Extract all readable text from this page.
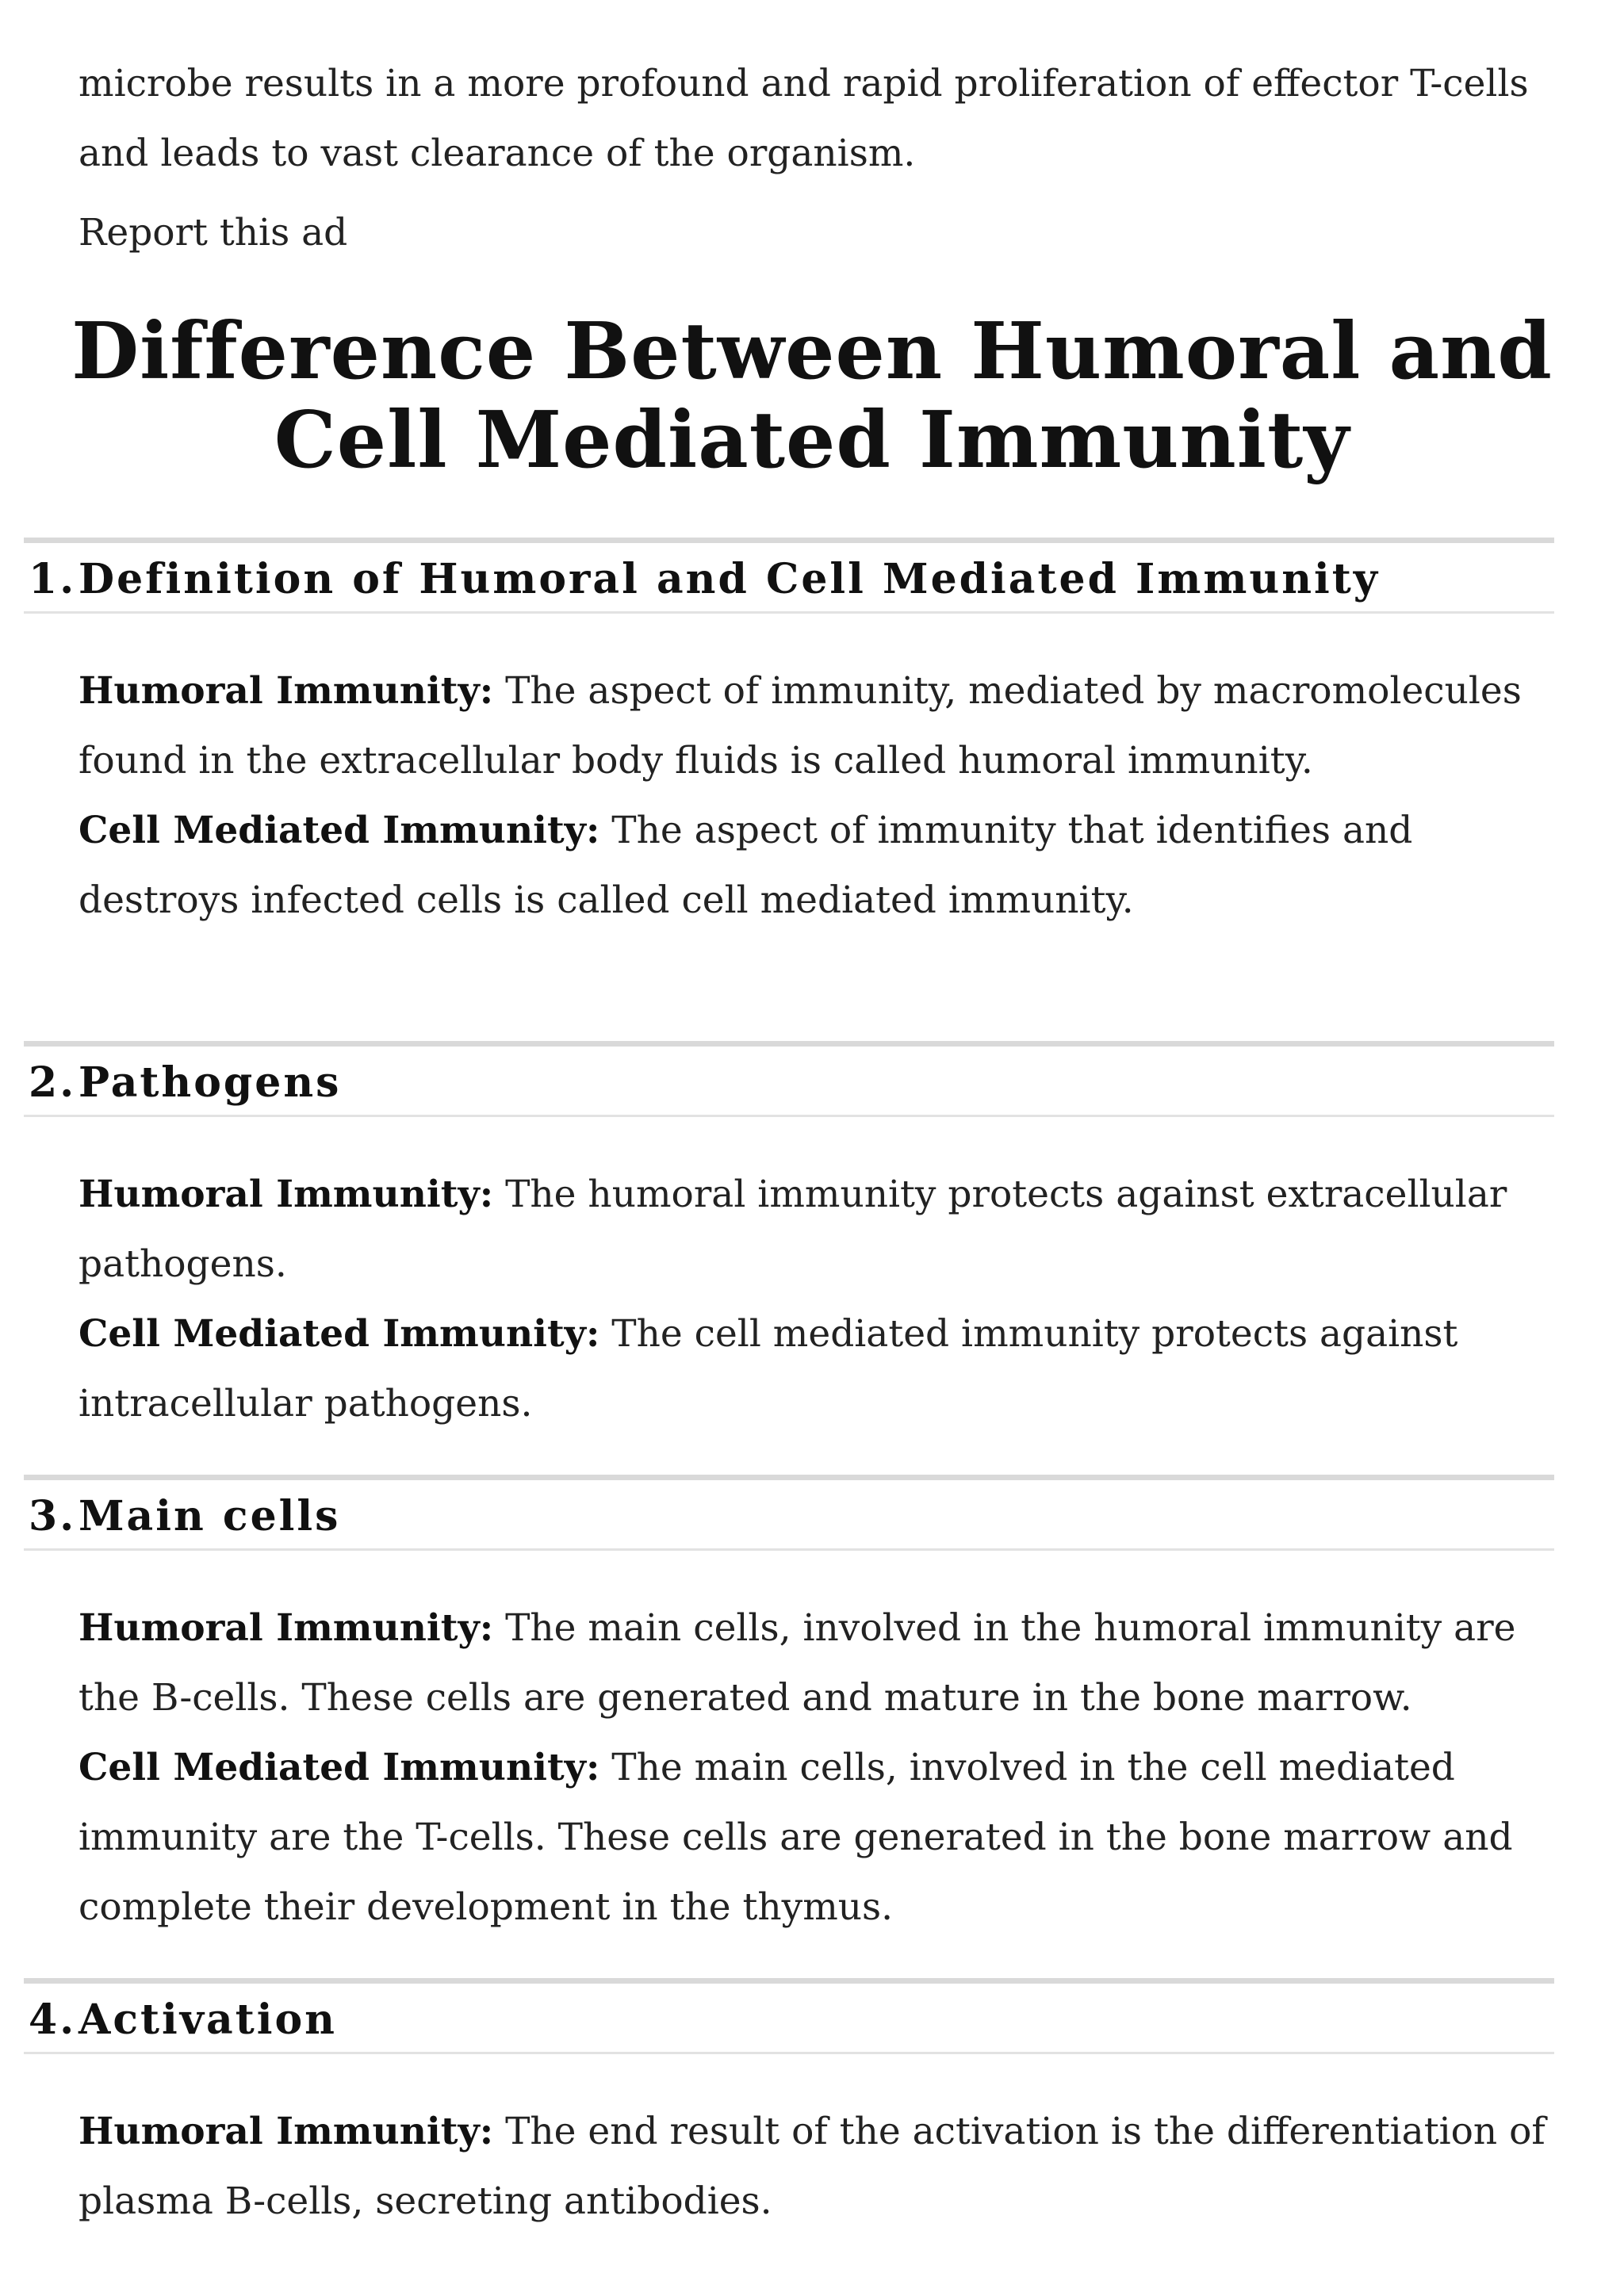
microbe results in a more profound and rapid proliferation of effector T-cells and leads to vast clearance of the organism.

Report this ad

Difference Between Humoral and Cell Mediated Immunity
1. Definition of Humoral and Cell Mediated Immunity

Humoral Immunity: The aspect of immunity, mediated by macromolecules found in the extracellular body fluids is called humoral immunity.

Cell Mediated Immunity: The aspect of immunity that identifies and destroys infected cells is called cell mediated immunity.

2. Pathogens

Humoral Immunity: The humoral immunity protects against extracellular pathogens.

Cell Mediated Immunity: The cell mediated immunity protects against intracellular pathogens.

3. Main cells

Humoral Immunity: The main cells, involved in the humoral immunity are the B-cells. These cells are generated and mature in the bone marrow.

Cell Mediated Immunity: The main cells, involved in the cell mediated immunity are the T-cells. These cells are generated in the bone marrow and complete their development in the thymus.

4. Activation

Humoral Immunity: The end result of the activation is the differentiation of plasma B-cells, secreting antibodies.
